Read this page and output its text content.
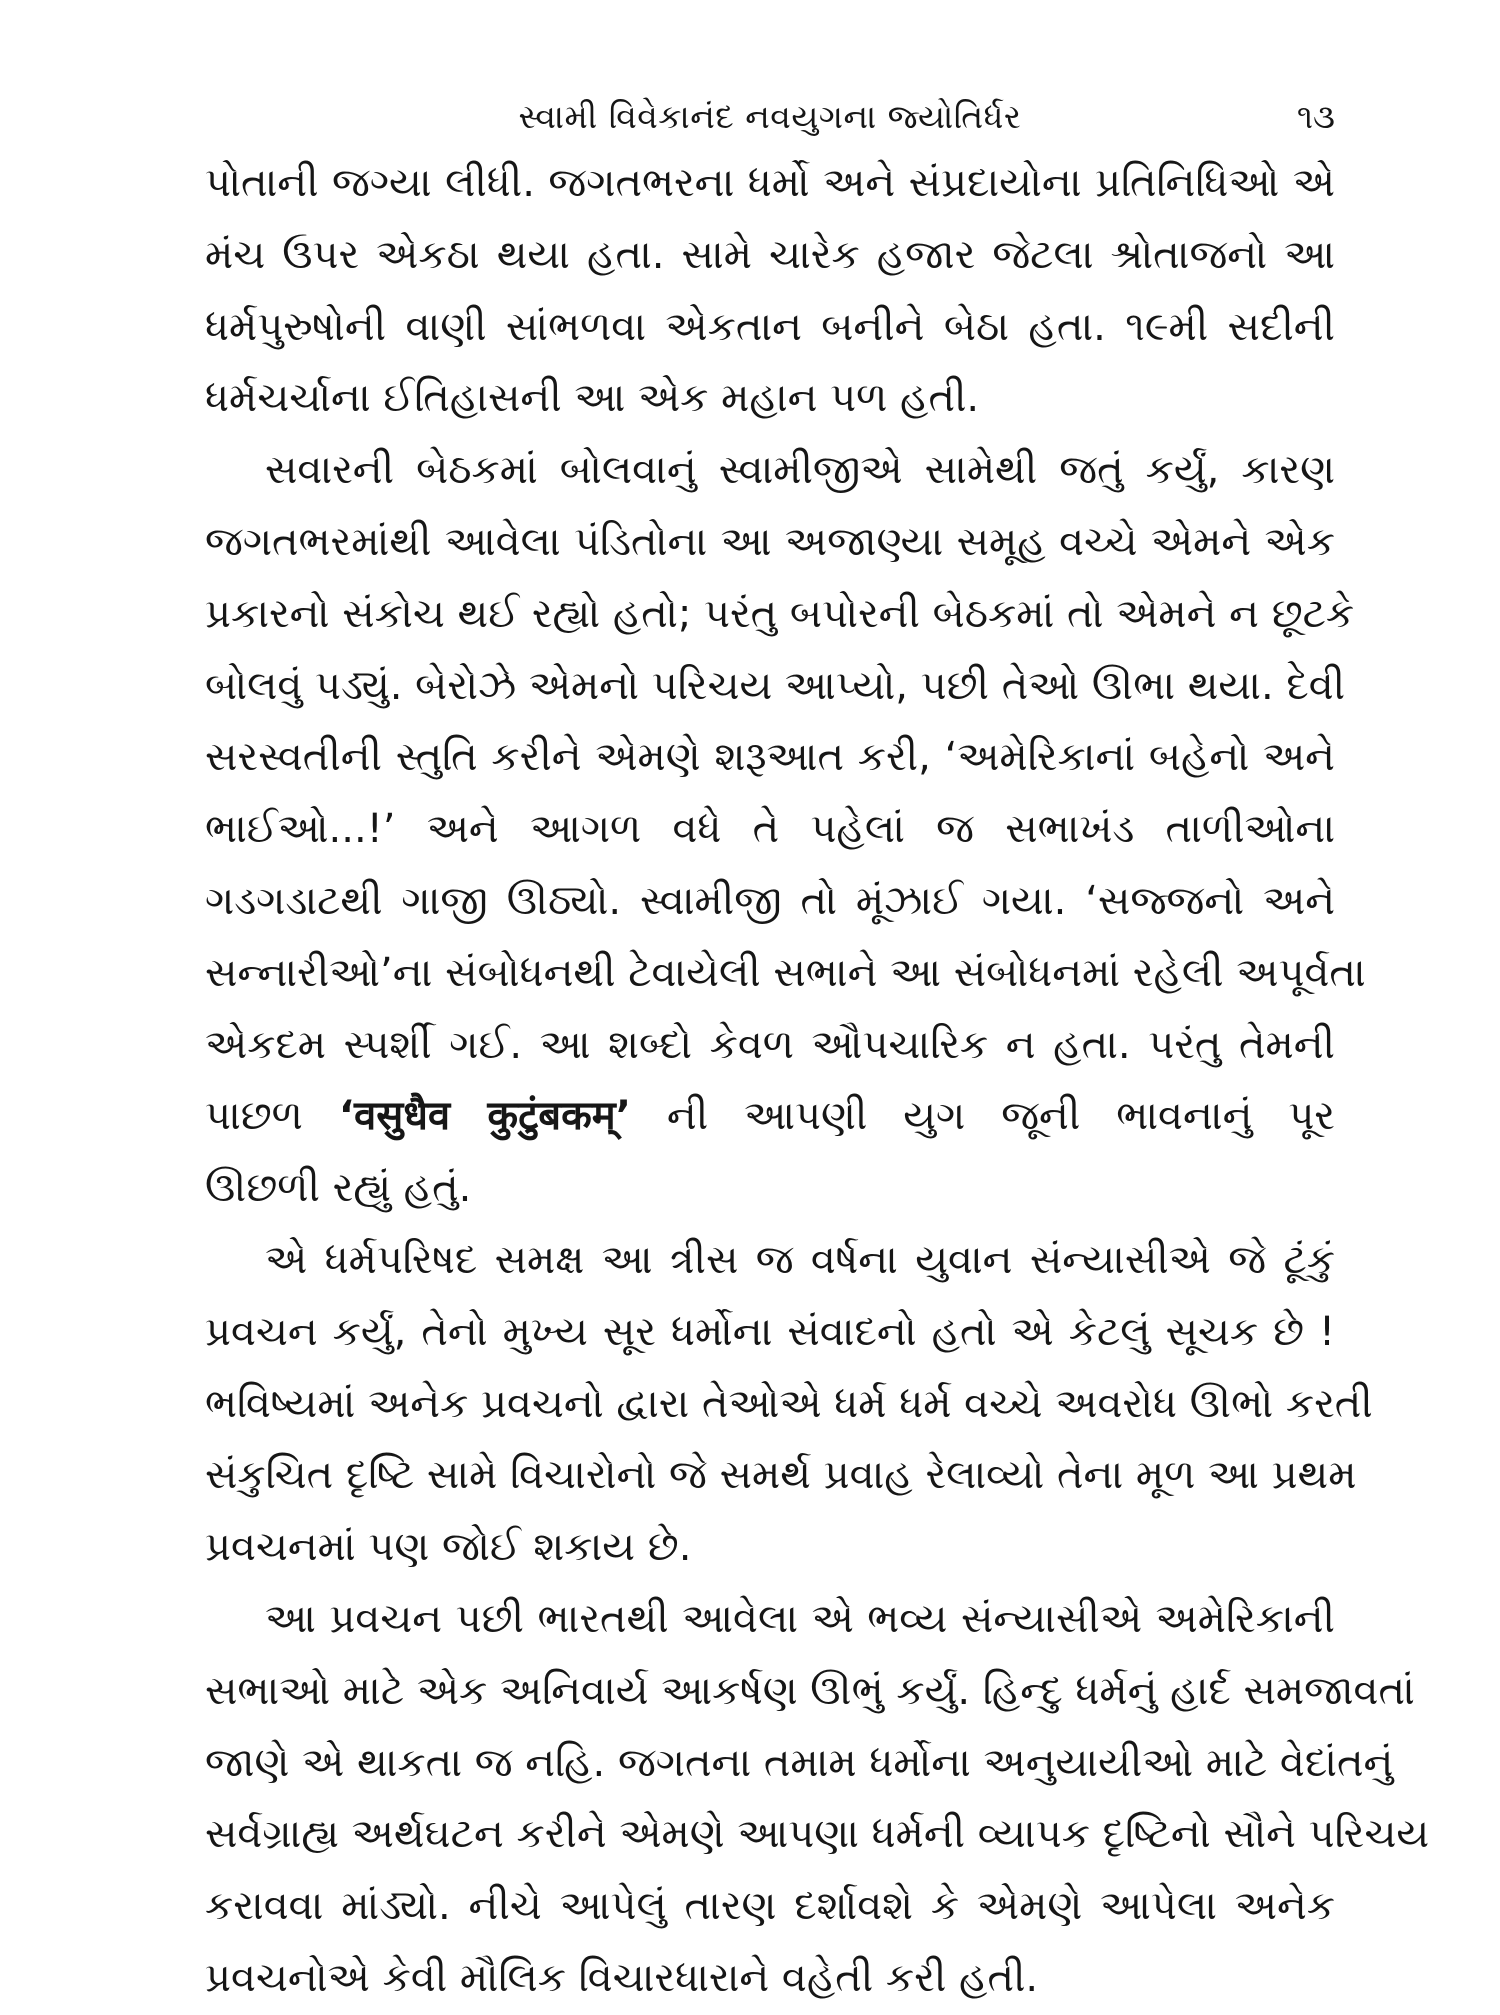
સ્વામી વિવેકાનંદ નવયુગના જ્યોતિર્ધર	૧૩
પોતાની જગ્યા લીધી. જગતભરના ધર્મો અને સંપ્રદાયોના પ્રતિનિધિઓ એ
મંચ ઉપર એકઠા થયા હતા. સામે ચારેક હજાર જેટલા શ્રોતાજનો આ
ધર્મપુરુષોની વાણી સાંભળવા એકતાન બનીને બેઠા હતા. ૧૯મી સદીની
ધર્મચર્ચાના ઈતિહાસની આ એક મહાન પળ હતી.
સવારની બેઠકમાં બોલવાનું સ્વામીજીએ સામેથી જતું કર્યું, કારણ
જગતભરમાંથી આવેલા પંડિતોના આ અજાણ્યા સમૂહ વચ્ચે એમને એક
પ્રકારનો સંકોચ થઈ રહ્યો હતો; પરંતુ બપોરની બેઠકમાં તો એમને ન છૂટકે
બોલવું પડ્યું. બેરોઝે એમનો પરિચય આપ્યો, પછી તેઓ ઊભા થયા. દેવી
સરસ્વતીની સ્તુતિ કરીને એમણે શરૂઆત કરી, ‘અમેરિકાનાં બહેનો અને
ભાઈઓ...!’ અને આગળ વધે તે પહેલાં જ સભાખંડ તાળીઓના
ગડગડાટથી ગાજી ઊઠ્યો. સ્વામીજી તો મૂંઝાઈ ગયા. ‘સજ્જનો અને
સન્નારીઓ’ના સંબોધનથી ટેવાયેલી સભાને આ સંબોધનમાં રહેલી અપૂર્વતા
એકદમ સ્પર્શી ગઈ. આ શબ્દો કેવળ ઔપચારિક ન હતા. પરંતુ તેમની
પાછળ ‘वसुधैव कुटुंबकम्’ ની આપણી યુગ જૂની ભાવનાનું પૂર
ઊછળી રહ્યું હતું.
એ ધર્મપરિષદ સમક્ષ આ ત્રીસ જ વર્ષના યુવાન સંન્યાસીએ જે ટૂંકું
પ્રવચન કર્યું, તેનો મુખ્ય સૂર ધર્મોના સંવાદનો હતો એ કેટલું સૂચક છે !
ભવિષ્યમાં અનેક પ્રવચનો દ્વારા તેઓએ ધર્મ ધર્મ વચ્ચે અવરોધ ઊભો કરતી
સંકુચિત દૃષ્ટિ સામે વિચારોનો જે સમર્થ પ્રવાહ રેલાવ્યો તેના મૂળ આ પ્રથમ
પ્રવચનમાં પણ જોઈ શકાય છે.
આ પ્રવચન પછી ભારતથી આવેલા એ ભવ્ય સંન્યાસીએ અમેરિકાની
સભાઓ માટે એક અનિવાર્ય આકર્ષણ ઊભું કર્યું. હિન્દુ ધર્મનું હાર્દ સમજાવતાં
જાણે એ થાકતા જ નહિ. જગતના તમામ ધર્મોના અનુયાયીઓ માટે વેદાંતનું
સર્વગ્રાહ્ય અર્થઘટન કરીને એમણે આપણા ધર્મની વ્યાપક દૃષ્ટિનો સૌને પરિચય
કરાવવા માંડ્યો. નીચે આપેલું તારણ દર્શાવશે કે એમણે આપેલા અનેક
પ્રવચનોએ કેવી મૌલિક વિચારધારાને વહેતી કરી હતી.
